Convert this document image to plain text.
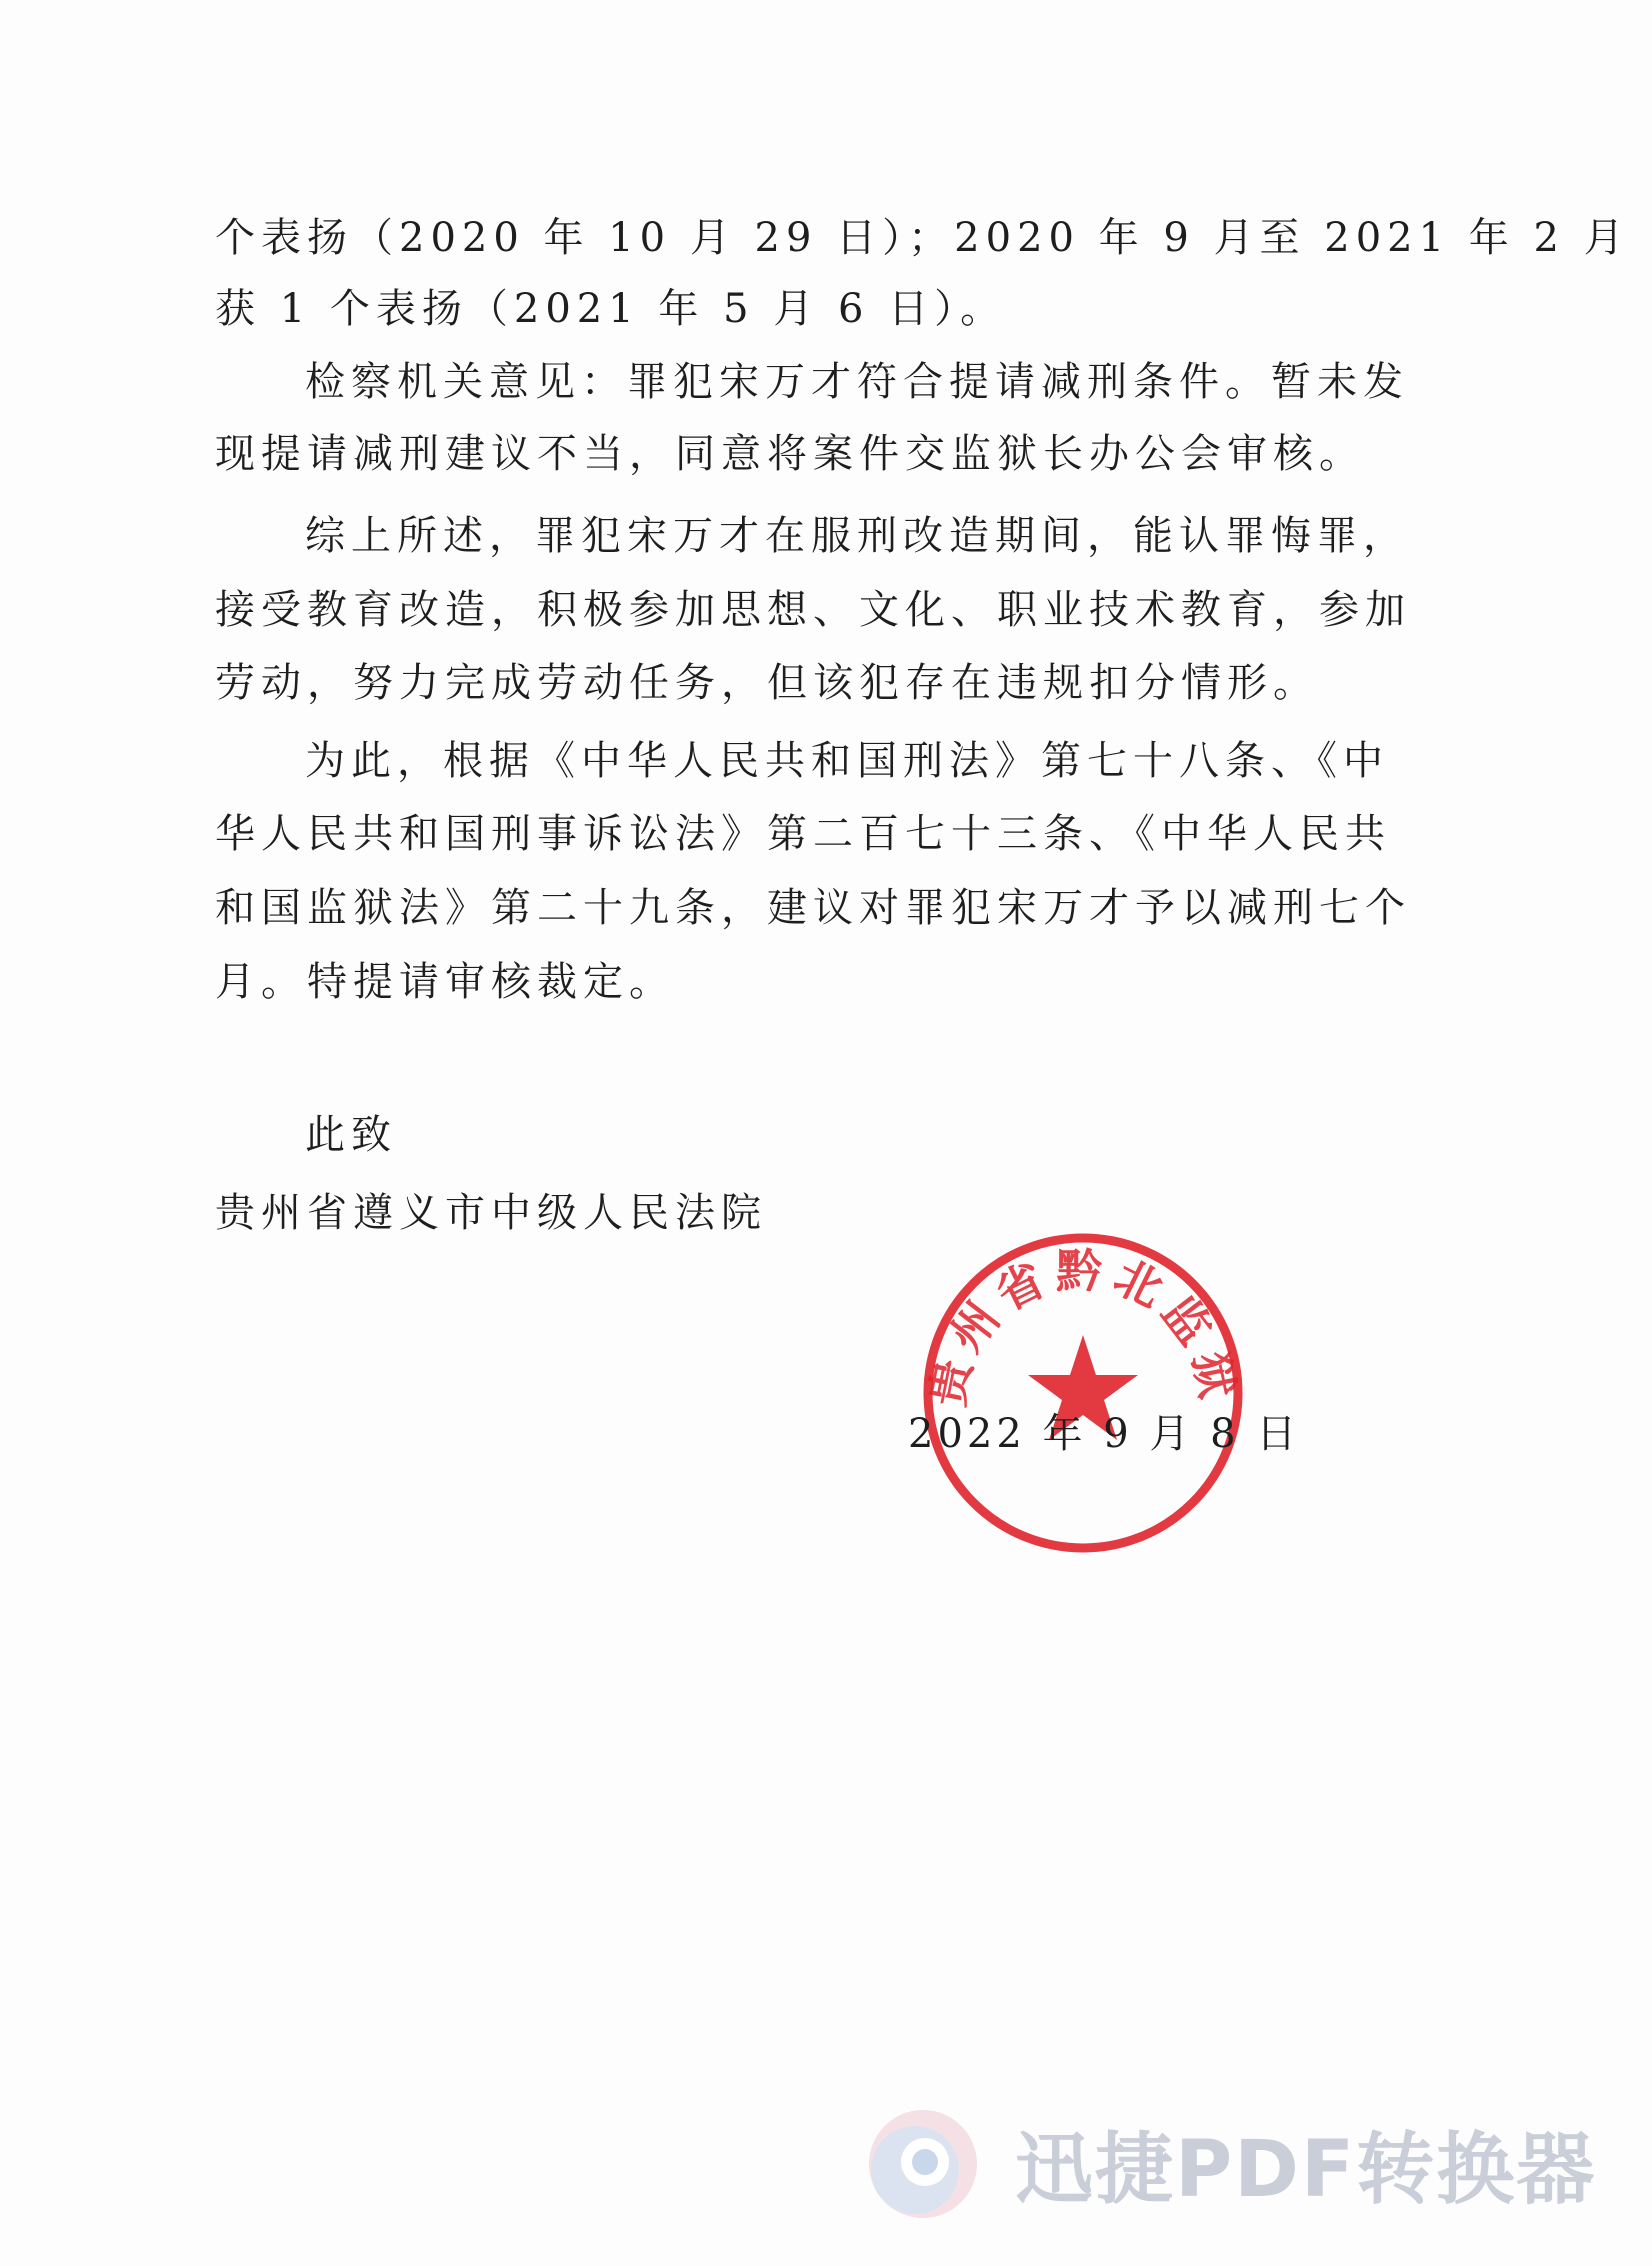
个表扬（2020 年 10 月 29 日）；2020 年 9 月至 2021 年 2 月
获 1 个表扬（2021 年 5 月 6 日）。
检察机关意见：罪犯宋万才符合提请减刑条件。暂未发
现提请减刑建议不当，同意将案件交监狱长办公会审核。
综上所述，罪犯宋万才在服刑改造期间，能认罪悔罪，
接受教育改造，积极参加思想、文化、职业技术教育，参加
劳动，努力完成劳动任务，但该犯存在违规扣分情形。
为此，根据《中华人民共和国刑法》第七十八条、《中
华人民共和国刑事诉讼法》第二百七十三条、《中华人民共
和国监狱法》第二十九条，建议对罪犯宋万才予以减刑七个
月。特提请审核裁定。
此致
贵州省遵义市中级人民法院
贵州省黔北监狱
2022 年 9 月 8 日
迅捷PDF转换器
